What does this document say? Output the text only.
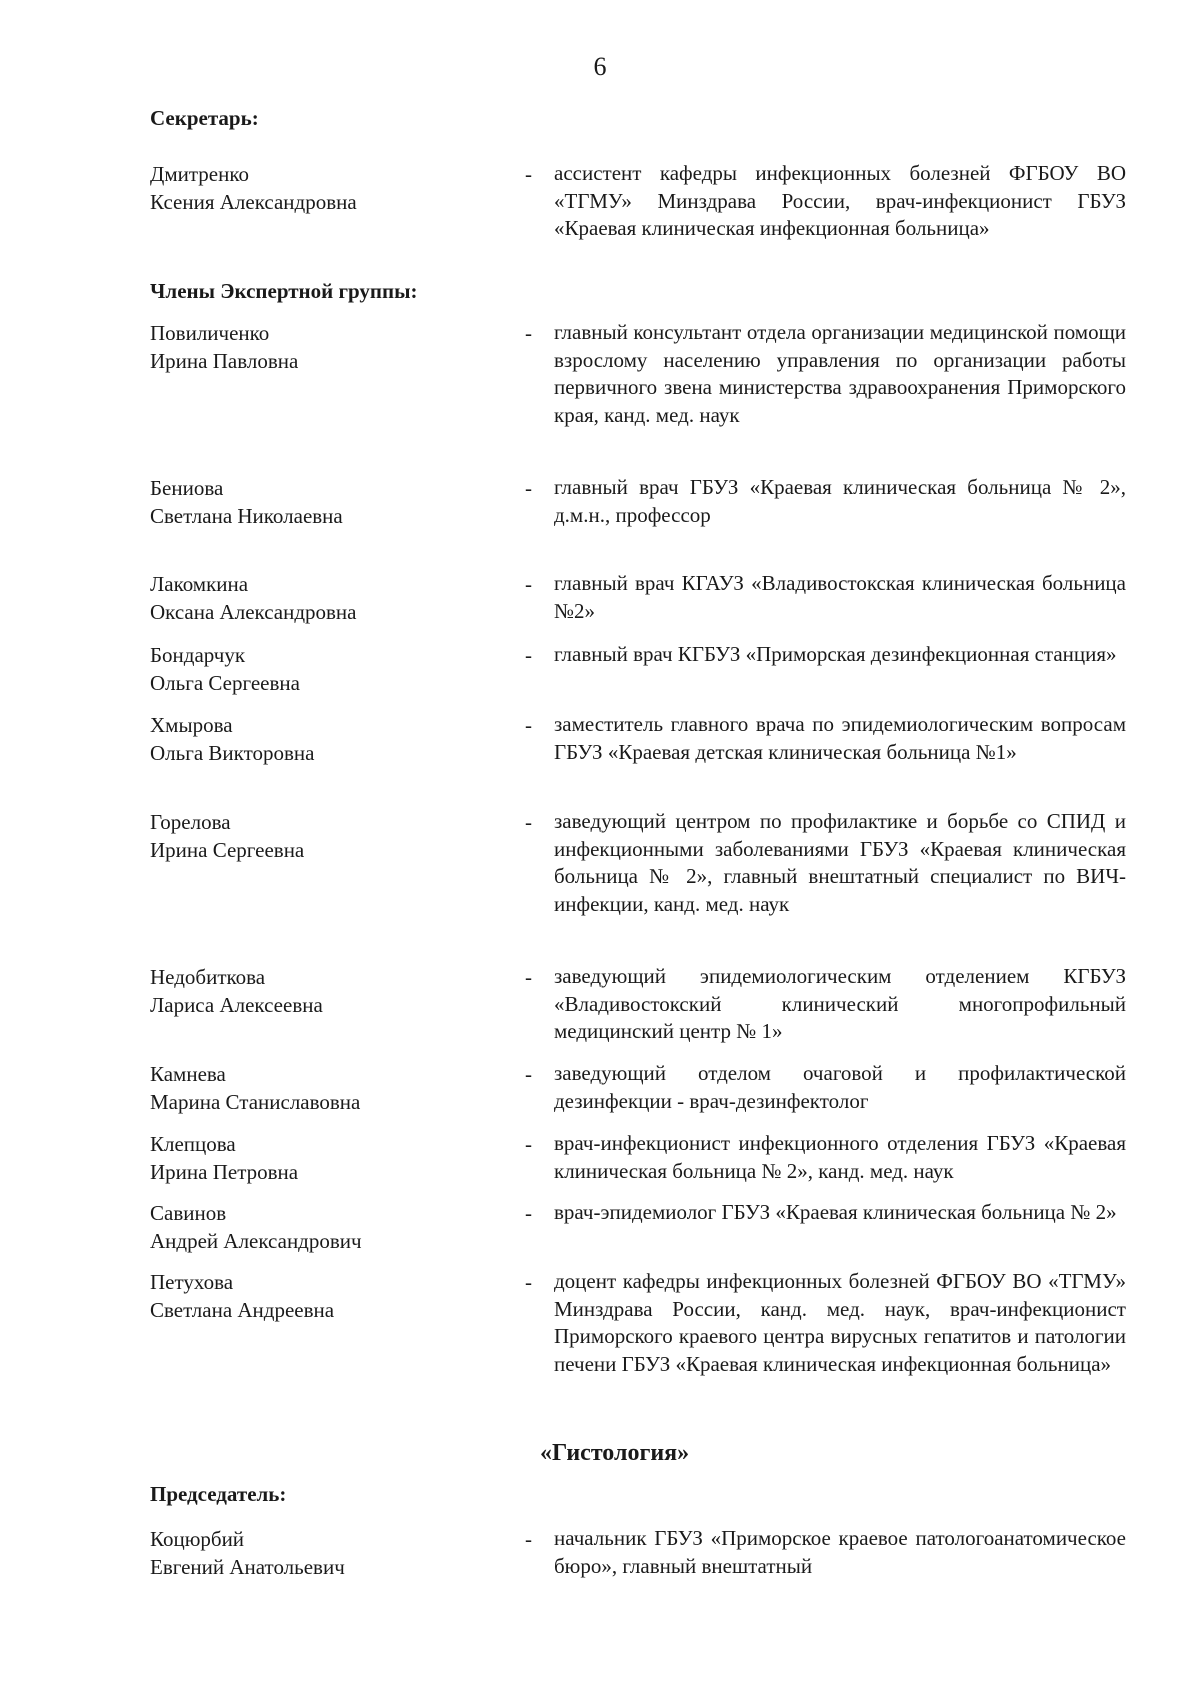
6
Секретарь:
Дмитренко
Ксения Александровна
- ассистент кафедры инфекционных болезней ФГБОУ ВО «ТГМУ» Минздрава России, врач-инфекционист ГБУЗ «Краевая клиническая инфекционная больница»
Члены Экспертной группы:
Повиличенко
Ирина Павловна
- главный консультант отдела организации медицинской помощи взрослому населению управления по организации работы первичного звена министерства здравоохранения Приморского края, канд. мед. наук
Бениова
Светлана Николаевна
- главный врач ГБУЗ «Краевая клиническая больница № 2», д.м.н., профессор
Лакомкина
Оксана Александровна
- главный врач КГАУЗ «Владивостокская клиническая больница №2»
Бондарчук
Ольга Сергеевна
- главный врач КГБУЗ «Приморская дезинфекционная станция»
Хмырова
Ольга Викторовна
- заместитель главного врача по эпидемиологическим вопросам ГБУЗ «Краевая детская клиническая больница №1»
Горелова
Ирина Сергеевна
- заведующий центром по профилактике и борьбе со СПИД и инфекционными заболеваниями ГБУЗ «Краевая клиническая больница № 2», главный внештатный специалист по ВИЧ-инфекции, канд. мед. наук
Недобиткова
Лариса Алексеевна
- заведующий эпидемиологическим отделением КГБУЗ «Владивостокский клинический многопрофильный медицинский центр № 1»
Камнева
Марина Станиславовна
- заведующий отделом очаговой и профилактической дезинфекции - врач-дезинфектолог
Клепцова
Ирина Петровна
- врач-инфекционист инфекционного отделения ГБУЗ «Краевая клиническая больница № 2», канд. мед. наук
Савинов
Андрей Александрович
- врач-эпидемиолог ГБУЗ «Краевая клиническая больница № 2»
Петухова
Светлана Андреевна
- доцент кафедры инфекционных болезней ФГБОУ ВО «ТГМУ» Минздрава России, канд. мед. наук, врач-инфекционист Приморского краевого центра вирусных гепатитов и патологии печени ГБУЗ «Краевая клиническая инфекционная больница»
«Гистология»
Председатель:
Коцюрбий
Евгений Анатольевич
- начальник ГБУЗ «Приморское краевое патологоанатомическое бюро», главный внештатный
